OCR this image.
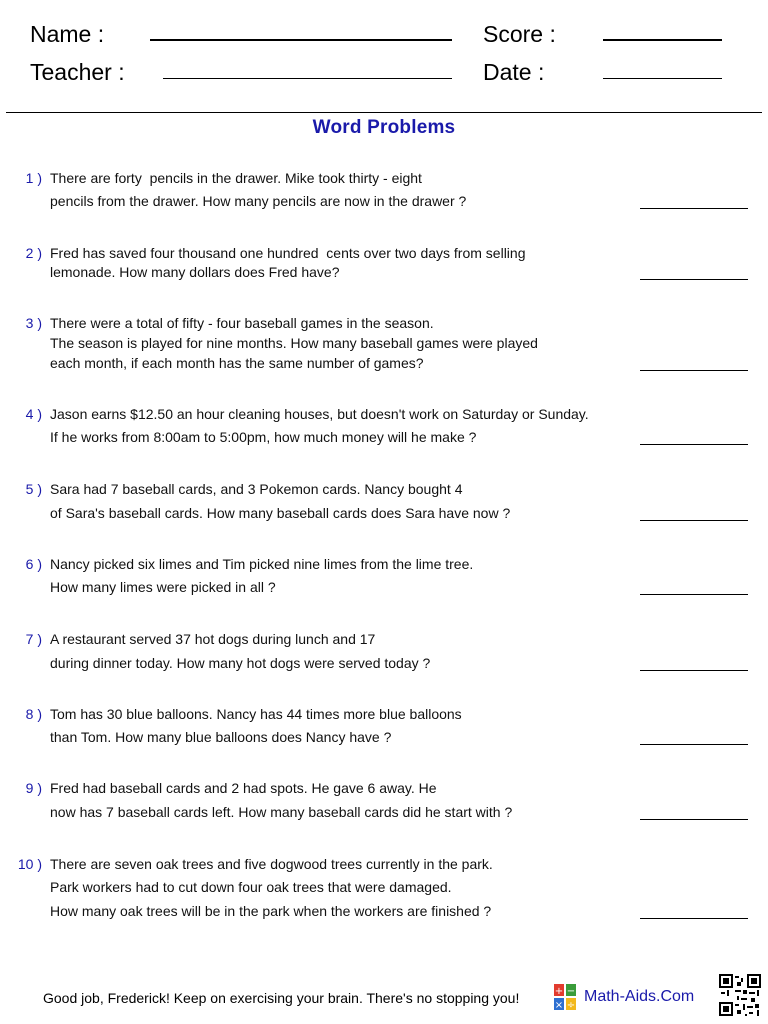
Name :
Teacher :
Score :
Date :
Word Problems
1 ) There are forty  pencils in the drawer. Mike took thirty - eight
pencils from the drawer. How many pencils are now in the drawer ?
2 ) Fred has saved four thousand one hundred  cents over two days from selling
lemonade. How many dollars does Fred have?
3 ) There were a total of fifty - four baseball games in the season.
The season is played for nine months. How many baseball games were played
each month, if each month has the same number of games?
4 ) Jason earns $12.50 an hour cleaning houses, but doesn't work on Saturday or Sunday.
If he works from 8:00am to 5:00pm, how much money will he make ?
5 ) Sara had 7 baseball cards, and 3 Pokemon cards. Nancy bought 4
of Sara's baseball cards. How many baseball cards does Sara have now ?
6 ) Nancy picked six limes and Tim picked nine limes from the lime tree.
How many limes were picked in all ?
7 ) A restaurant served 37 hot dogs during lunch and 17
during dinner today. How many hot dogs were served today ?
8 ) Tom has 30 blue balloons. Nancy has 44 times more blue balloons
than Tom. How many blue balloons does Nancy have ?
9 ) Fred had baseball cards and 2 had spots. He gave 6 away. He
now has 7 baseball cards left. How many baseball cards did he start with ?
10 ) There are seven oak trees and five dogwood trees currently in the park.
Park workers had to cut down four oak trees that were damaged.
How many oak trees will be in the park when the workers are finished ?
Good job, Frederick! Keep on exercising your brain. There's no stopping you!	+ −
× ÷
Math-Aids.Com
